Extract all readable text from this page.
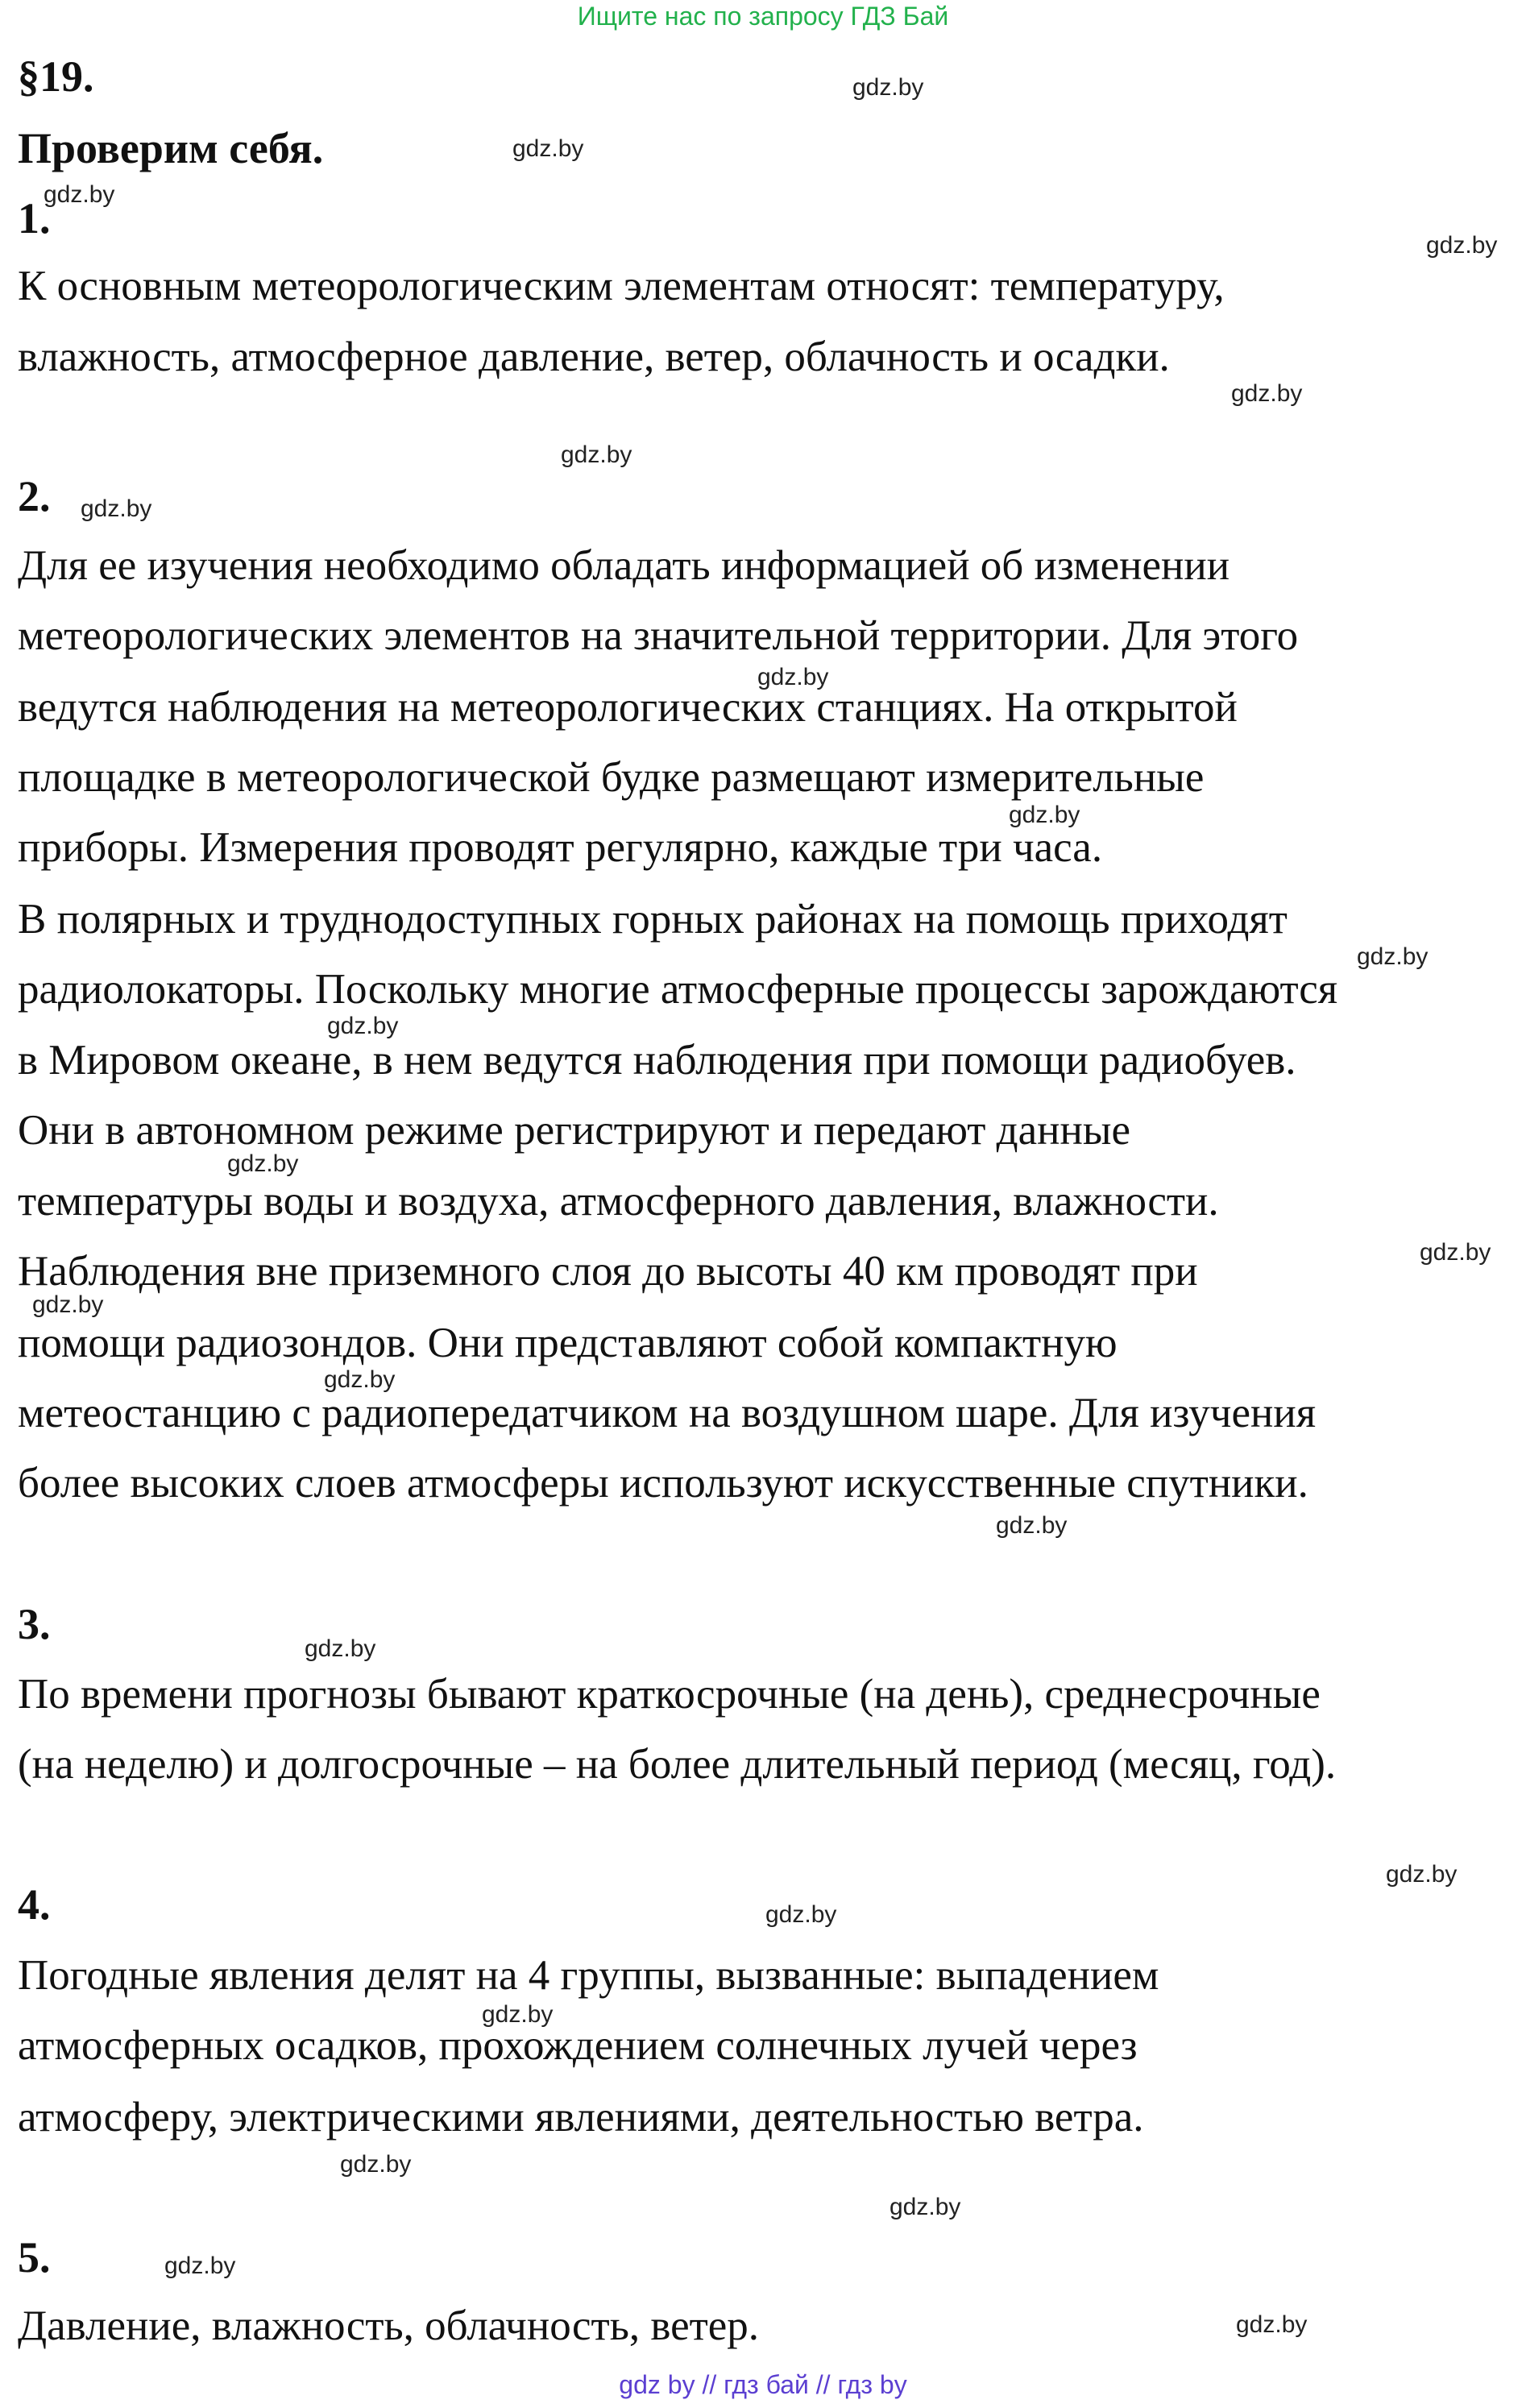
Ищите нас по запросу ГДЗ Бай
§19.
Проверим себя.
1.
К основным метеорологическим элементам относят: температуру,
влажность, атмосферное давление, ветер, облачность и осадки.
2.
Для ее изучения необходимо обладать информацией об изменении
метеорологических элементов на значительной территории. Для этого
ведутся наблюдения на метеорологических станциях. На открытой
площадке в метеорологической будке размещают измерительные
приборы. Измерения проводят регулярно, каждые три часа.
В полярных и труднодоступных горных районах на помощь приходят
радиолокаторы. Поскольку многие атмосферные процессы зарождаются
в Мировом океане, в нем ведутся наблюдения при помощи радиобуев.
Они в автономном режиме регистрируют и передают данные
температуры воды и воздуха, атмосферного давления, влажности.
Наблюдения вне приземного слоя до высоты 40 км проводят при
помощи радиозондов. Они представляют собой компактную
метеостанцию с радиопередатчиком на воздушном шаре. Для изучения
более высоких слоев атмосферы используют искусственные спутники.
3.
По времени прогнозы бывают краткосрочные (на день), среднесрочные
(на неделю) и долгосрочные – на более длительный период (месяц, год).
4.
Погодные явления делят на 4 группы, вызванные: выпадением
атмосферных осадков, прохождением солнечных лучей через
атмосферу, электрическими явлениями, деятельностью ветра.
5.
Давление, влажность, облачность, ветер.
gdz.by
gdz.by
gdz.by
gdz.by
gdz.by
gdz.by
gdz.by
gdz.by
gdz.by
gdz.by
gdz.by
gdz.by
gdz.by
gdz.by
gdz.by
gdz.by
gdz.by
gdz.by
gdz.by
gdz.by
gdz.by
gdz.by
gdz.by
gdz.by
gdz by // гдз бай // гдз by
